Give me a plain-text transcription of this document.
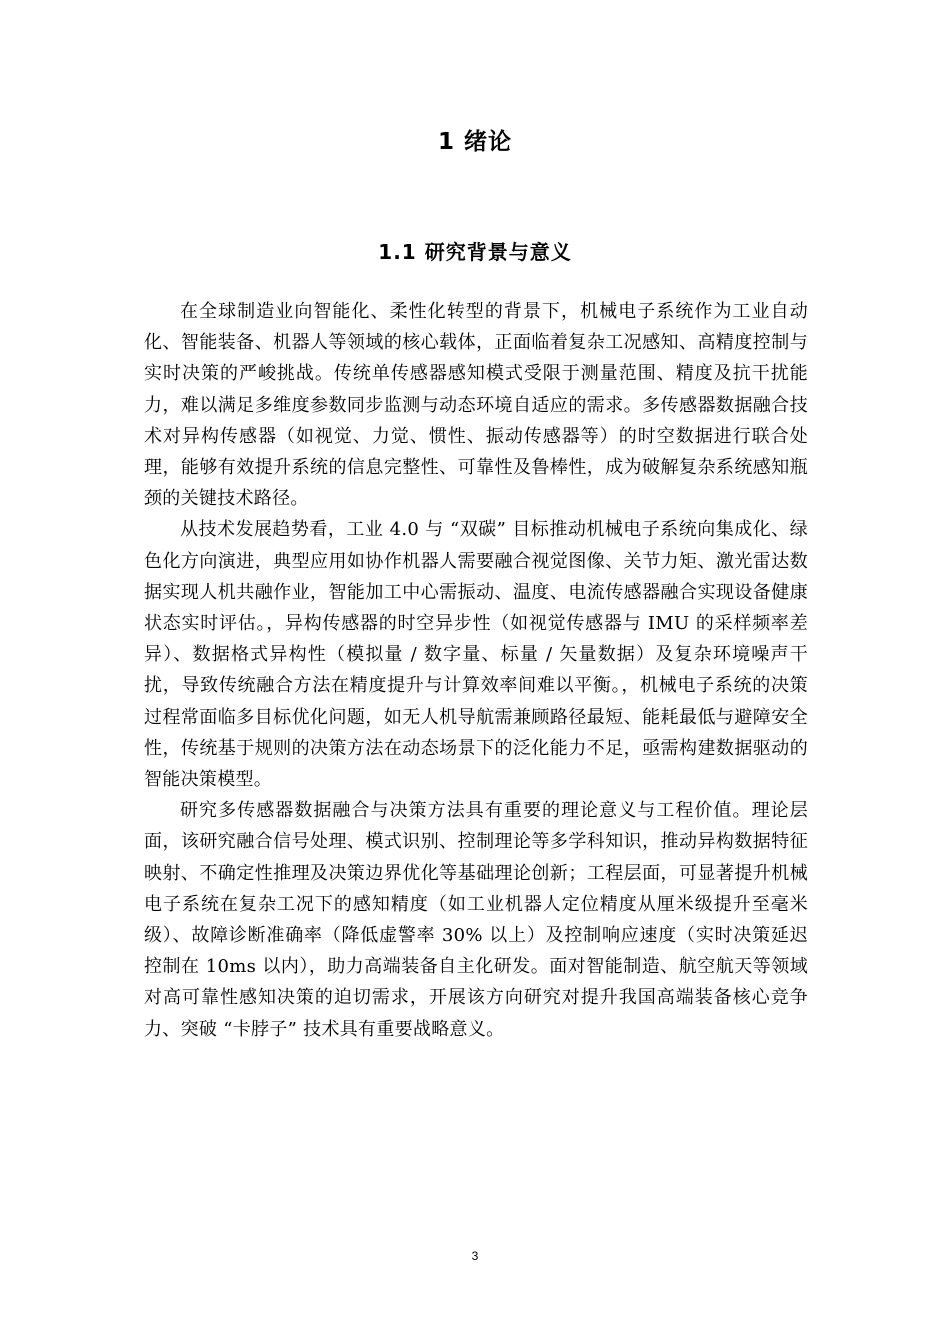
1 绪论
1.1 研究背景与意义

在全球制造业向智能化、柔性化转型的背景下，机械电子系统作为工业自动化、智能装备、机器人等领域的核心载体，正面临着复杂工况感知、高精度控制与实时决策的严峻挑战。传统单传感器感知模式受限于测量范围、精度及抗干扰能力，难以满足多维度参数同步监测与动态环境自适应的需求。多传感器数据融合技术对异构传感器（如视觉、力觉、惯性、振动传感器等）的时空数据进行联合处理，能够有效提升系统的信息完整性、可靠性及鲁棒性，成为破解复杂系统感知瓶颈的关键技术路径。

从技术发展趋势看，工业 4.0 与 “双碳” 目标推动机械电子系统向集成化、绿色化方向演进，典型应用如协作机器人需要融合视觉图像、关节力矩、激光雷达数据实现人机共融作业，智能加工中心需振动、温度、电流传感器融合实现设备健康状态实时评估。，异构传感器的时空异步性（如视觉传感器与 IMU 的采样频率差异）、数据格式异构性（模拟量 / 数字量、标量 / 矢量数据）及复杂环境噪声干扰，导致传统融合方法在精度提升与计算效率间难以平衡。，机械电子系统的决策过程常面临多目标优化问题，如无人机导航需兼顾路径最短、能耗最低与避障安全性，传统基于规则的决策方法在动态场景下的泛化能力不足，亟需构建数据驱动的智能决策模型。

研究多传感器数据融合与决策方法具有重要的理论意义与工程价值。理论层面，该研究融合信号处理、模式识别、控制理论等多学科知识，推动异构数据特征映射、不确定性推理及决策边界优化等基础理论创新；工程层面，可显著提升机械电子系统在复杂工况下的感知精度（如工业机器人定位精度从厘米级提升至毫米级）、故障诊断准确率（降低虚警率 30% 以上）及控制响应速度（实时决策延迟控制在 10ms 以内），助力高端装备自主化研发。面对智能制造、航空航天等领域对高可靠性感知决策的迫切需求，开展该方向研究对提升我国高端装备核心竞争力、突破 “卡脖子” 技术具有重要战略意义。

3
